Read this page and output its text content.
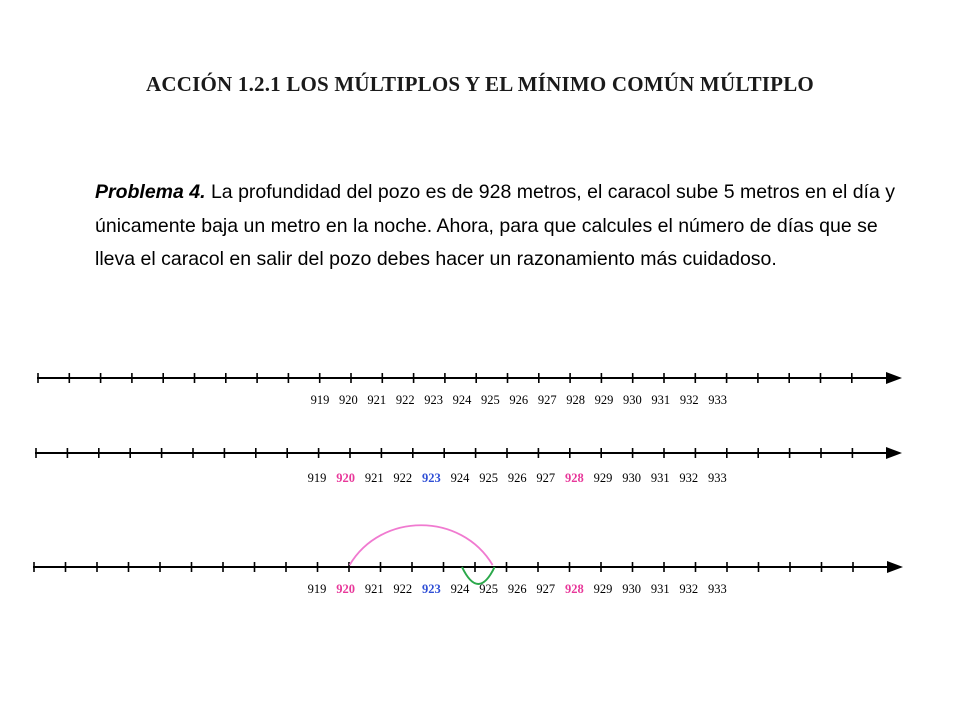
ACCIÓN 1.2.1 LOS MÚLTIPLOS Y EL MÍNIMO COMÚN MÚLTIPLO
Problema 4. La profundidad del pozo es de 928 metros, el caracol sube 5 metros en el día y únicamente baja un metro en la noche. Ahora, para que calcules el número de días que se lleva el caracol en salir del pozo debes hacer un razonamiento más cuidadoso.
919 920 921 922 923 924 925 926 927 928 929 930 931 932 933
919 920 921 922 923 924 925 926 927 928 929 930 931 932 933
919 920 921 922 923 924 925 926 927 928 929 930 931 932 933
